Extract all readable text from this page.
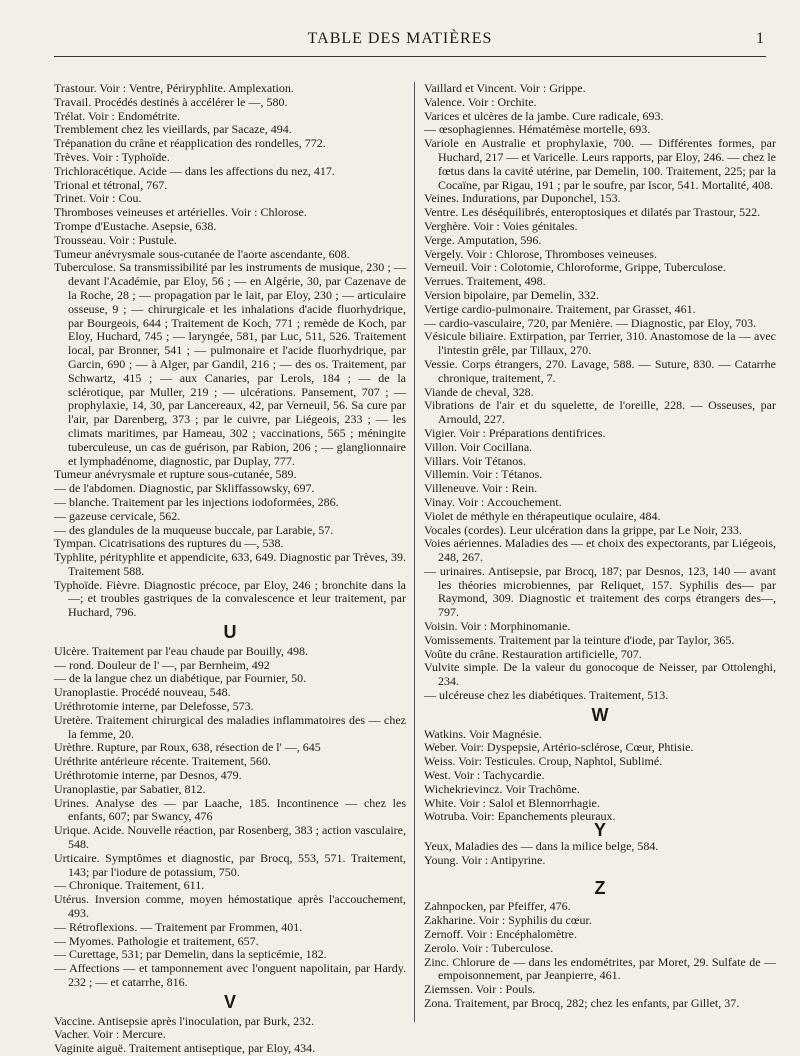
TABLE DES MATIÈRES	1

Trastour. Voir : Ventre, Périryphlite. Amplexation.

Travail. Procédés destinés à accélérer le —, 580.

Trélat. Voir : Endométrite.

Tremblement chez les vieillards, par Sacaze, 494.

Trépanation du crâne et réapplication des rondelles, 772.

Trèves. Voir : Typhoïde.

Trichloracétique. Acide — dans les affections du nez, 417.

Trional et tétronal, 767.

Trinet. Voir : Cou.

Thromboses veineuses et artérielles. Voir : Chlorose.

Trompe d'Eustache. Asepsie, 638.

Trousseau. Voir : Pustule.

Tumeur anévrysmale sous-cutanée de l'aorte ascendante, 608.

Tuberculose. Sa transmissibilité par les instruments de musique, 230 ; — devant l'Académie, par Eloy, 56 ; — en Algérie, 30, par Cazenave de la Roche, 28 ; — propagation par le lait, par Eloy, 230 ; — articulaire osseuse, 9 ; — chirurgicale et les inhalations d'acide fluorhydrique, par Bourgeois, 644 ; Traitement de Koch, 771 ; remède de Koch, par Eloy, Huchard, 745 ; — laryngée, 581, par Luc, 511, 526. Traitement local, par Bronner, 541 ; — pulmonaire et l'acide fluorhydrique, par Garcin, 690 ; — à Alger, par Gandil, 216 ; — des os. Traitement, par Schwartz, 415 ; — aux Canaries, par Lerols, 184 ; — de la sclérotique, par Muller, 219 ; — ulcérations. Pansement, 707 ; — prophylaxie, 14, 30, par Lancereaux, 42, par Verneuil, 56. Sa cure par l'air, par Darenberg, 373 ; par le cuivre, par Liégeois, 233 ; — les climats maritimes, par Hameau, 302 ; vaccinations, 565 ; méningite tuberculeuse, un cas de guérison, par Rabion, 206 ; — glanglionnaire et lymphadénome, diagnostic, par Duplay, 777.

Tumeur anévrysmale et rupture sous-cutanée, 589.

— de l'abdomen. Diagnostic, par Skliffassowsky, 697.

— blanche. Traitement par les injections iodoformées, 286.

— gazeuse cervicale, 562.

— des glandules de la muqueuse buccale, par Larabie, 57.

Tympan. Cicatrisations des ruptures du —, 538.

Typhlite, pérityphlite et appendicite, 633, 649. Diagnostic par Trèves, 39. Traitement 588.

Typhoïde. Fièvre. Diagnostic précoce, par Eloy, 246 ; bronchite dans la—; et troubles gastriques de la convalescence et leur traitement, par Huchard, 796.

U

Ulcère. Traitement par l'eau chaude par Bouilly, 498.

— rond. Douleur de l' —, par Bernheim, 492

— de la langue chez un diabétique, par Fournier, 50.

Uranoplastie. Procédé nouveau, 548.

Uréthrotomie interne, par Delefosse, 573.

Uretère. Traitement chirurgical des maladies inflammatoires des — chez la femme, 20.

Urèthre. Rupture, par Roux, 638, résection de l' —, 645

Uréthrite antérieure récente. Traitement, 560.

Uréthrotomie interne, par Desnos, 479.

Uranoplastie, par Sabatier, 812.

Urines. Analyse des — par Laache, 185. Incontinence — chez les enfants, 607; par Swancy, 476

Urique. Acide. Nouvelle réaction, par Rosenberg, 383 ; action vasculaire, 548.

Urticaire. Symptômes et diagnostic, par Brocq, 553, 571. Traitement, 143; par l'iodure de potassium, 750.

— Chronique. Traitement, 611.

Utérus. Inversion comme, moyen hémostatique après l'accouchement, 493.

— Rétroflexions. — Traitement par Frommen, 401.

— Myomes. Pathologie et traitement, 657.

— Curettage, 531; par Demelin, dans la septicémie, 182.

— Affections — et tamponnement avec l'onguent napolitain, par Hardy. 232 ; — et catarrhe, 816.

V

Vaccine. Antisepsie après l'inoculation, par Burk, 232.

Vacher. Voir : Mercure.

Vaginite aiguë. Traitement antiseptique, par Eloy, 434.

Vaillard et Vincent. Voir : Grippe.

Valence. Voir : Orchite.

Varices et ulcères de la jambe. Cure radicale, 693.

— œsophagiennes. Hématémèse mortelle, 693.

Variole en Australie et prophylaxie, 700. — Différentes formes, par Huchard, 217 — et Varicelle. Leurs rapports, par Eloy, 246. — chez le fœtus dans la cavité utérine, par Demelin, 100. Traitement, 225; par la Cocaïne, par Rigau, 191 ; par le soufre, par Iscor, 541. Mortalité, 408.

Veines. Indurations, par Duponchel, 153.

Ventre. Les déséquilibrés, enteroptosiques et dilatés par Trastour, 522.

Verghère. Voir : Voies génitales.

Verge. Amputation, 596.

Vergely. Voir : Chlorose, Thromboses veineuses.

Verneuil. Voir : Colotomie, Chloroforme, Grippe, Tuberculose.

Verrues. Traitement, 498.

Version bipolaire, par Demelin, 332.

Vertige cardio-pulmonaire. Traitement, par Grasset, 461.

— cardio-vasculaire, 720, par Menière. — Diagnostic, par Eloy, 703.

Vésicule biliaire. Extirpation, par Terrier, 310. Anastomose de la — avec l'intestin grêle, par Tillaux, 270.

Vessie. Corps étrangers, 270. Lavage, 588. — Suture, 830. — Catarrhe chronique, traitement, 7.

Viande de cheval, 328.

Vibrations de l'air et du squelette, de l'oreille, 228. — Osseuses, par Arnould, 227.

Vigier. Voir : Préparations dentifrices.

Villon. Voir Cocillana.

Villars. Voir Tétanos.

Villemin. Voir : Tétanos.

Villeneuve. Voir : Rein.

Vinay. Voir : Accouchement.

Violet de méthyle en thérapeutique oculaire, 484.

Vocales (cordes). Leur ulcération dans la grippe, par Le Noir, 233.

Voies aériennes. Maladies des — et choix des expectorants, par Liégeois, 248, 267.

— urinaires. Antisepsie, par Brocq, 187; par Desnos, 123, 140 — avant les théories microbiennes, par Reliquet, 157. Syphilis des— par Raymond, 309. Diagnostic et traitement des corps étrangers des—, 797.

Voisin. Voir : Morphinomanie.

Vomissements. Traitement par la teinture d'iode, par Taylor, 365.

Voûte du crâne. Restauration artificielle, 707.

Vulvite simple. De la valeur du gonocoque de Neisser, par Ottolenghi, 234.

— ulcéreuse chez les diabétiques. Traitement, 513.

W

Watkins. Voir Magnésie.

Weber. Voir: Dyspepsie, Artério-sclérose, Cœur, Phtisie.

Weiss. Voir: Testicules. Croup, Naphtol, Sublimé.

West. Voir : Tachycardie.

Wichekrievincz. Voir Trachôme.

White. Voir : Salol et Blennorrhagie.

Wotruba. Voir: Epanchements pleuraux.

Y

Yeux, Maladies des — dans la milice belge, 584.

Young. Voir : Antipyrine.

Z

Zahnpocken, par Pfeiffer, 476.

Zakharine. Voir : Syphilis du cœur.

Zernoff. Voir : Encéphalomètre.

Zerolo. Voir : Tuberculose.

Zinc. Chlorure de — dans les endométrites, par Moret, 29. Sulfate de — empoisonnement, par Jeanpierre, 461.

Ziemssen. Voir : Pouls.

Zona. Traitement, par Brocq, 282; chez les enfants, par Gillet, 37.
